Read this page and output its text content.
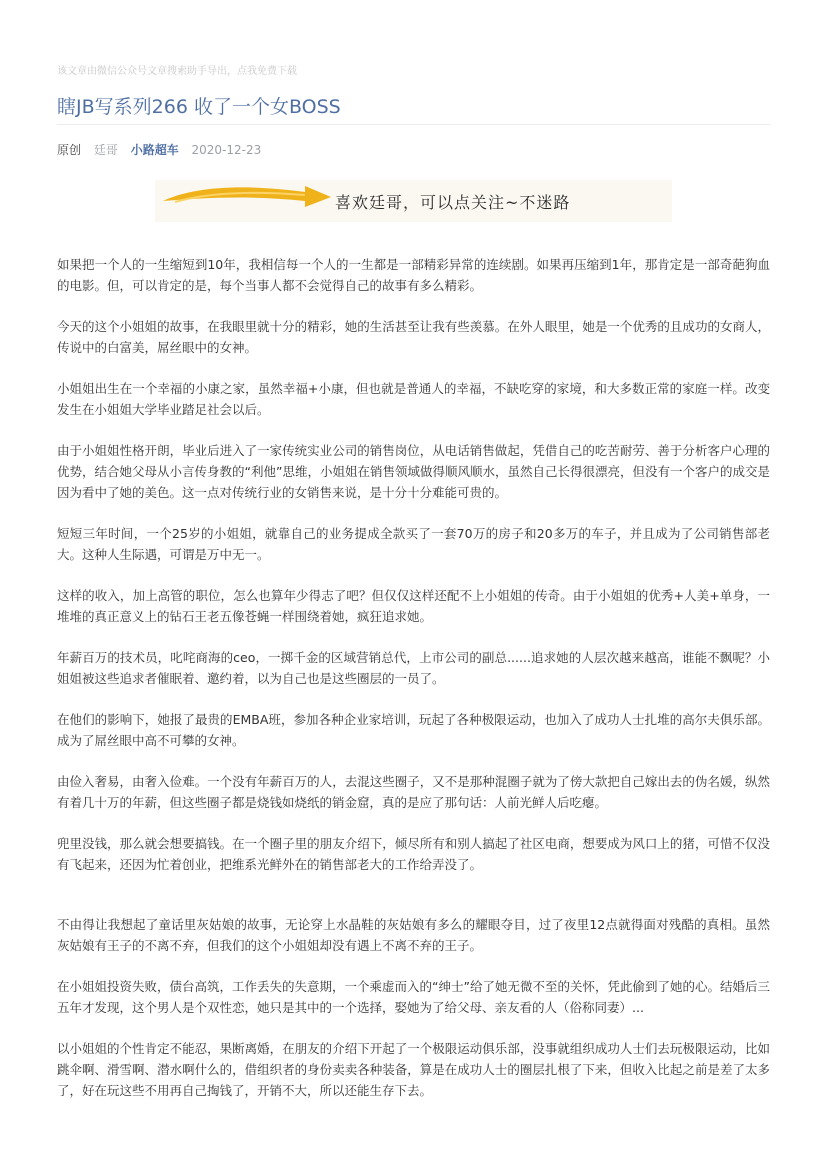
该文章由微信公众号文章搜索助手导出，点我免费下载
瞎JB写系列266 收了一个女BOSS
原创 廷哥 小路超车 2020-12-23
喜欢廷哥，可以点关注~不迷路

如果把一个人的一生缩短到10年，我相信每一个人的一生都是一部精彩异常的连续剧。如果再压缩到1年，那肯定是一部奇葩狗血的电影。但，可以肯定的是，每个当事人都不会觉得自己的故事有多么精彩。

今天的这个小姐姐的故事，在我眼里就十分的精彩，她的生活甚至让我有些羡慕。在外人眼里，她是一个优秀的且成功的女商人，传说中的白富美，屌丝眼中的女神。

小姐姐出生在一个幸福的小康之家，虽然幸福+小康，但也就是普通人的幸福，不缺吃穿的家境，和大多数正常的家庭一样。改变发生在小姐姐大学毕业踏足社会以后。

由于小姐姐性格开朗，毕业后进入了一家传统实业公司的销售岗位，从电话销售做起，凭借自己的吃苦耐劳、善于分析客户心理的优势，结合她父母从小言传身教的“利他”思维，小姐姐在销售领域做得顺风顺水，虽然自己长得很漂亮，但没有一个客户的成交是因为看中了她的美色。这一点对传统行业的女销售来说，是十分十分难能可贵的。

短短三年时间，一个25岁的小姐姐，就靠自己的业务提成全款买了一套70万的房子和20多万的车子，并且成为了公司销售部老大。这种人生际遇，可谓是万中无一。

这样的收入，加上高管的职位，怎么也算年少得志了吧？但仅仅这样还配不上小姐姐的传奇。由于小姐姐的优秀+人美+单身，一堆堆的真正意义上的钻石王老五像苍蝇一样围绕着她，疯狂追求她。

年薪百万的技术员，叱咤商海的ceo，一掷千金的区域营销总代，上市公司的副总......追求她的人层次越来越高，谁能不飘呢？小姐姐被这些追求者催眠着、邀约着，以为自己也是这些圈层的一员了。

在他们的影响下，她报了最贵的EMBA班，参加各种企业家培训，玩起了各种极限运动，也加入了成功人士扎堆的高尔夫俱乐部。成为了屌丝眼中高不可攀的女神。

由俭入奢易，由奢入俭难。一个没有年薪百万的人，去混这些圈子，又不是那种混圈子就为了傍大款把自己嫁出去的伪名媛，纵然有着几十万的年薪，但这些圈子都是烧钱如烧纸的销金窟，真的是应了那句话：人前光鲜人后吃瘪。

兜里没钱，那么就会想要搞钱。在一个圈子里的朋友介绍下，倾尽所有和别人搞起了社区电商，想要成为风口上的猪，可惜不仅没有飞起来，还因为忙着创业，把维系光鲜外在的销售部老大的工作给弄没了。

不由得让我想起了童话里灰姑娘的故事，无论穿上水晶鞋的灰姑娘有多么的耀眼夺目，过了夜里12点就得面对残酷的真相。虽然灰姑娘有王子的不离不弃，但我们的这个小姐姐却没有遇上不离不弃的王子。

在小姐姐投资失败，债台高筑，工作丢失的失意期，一个乘虚而入的“绅士”给了她无微不至的关怀，凭此偷到了她的心。结婚后三五年才发现，这个男人是个双性恋，她只是其中的一个选择，娶她为了给父母、亲友看的人（俗称同妻）...

以小姐姐的个性肯定不能忍，果断离婚，在朋友的介绍下开起了一个极限运动俱乐部，没事就组织成功人士们去玩极限运动，比如跳伞啊、滑雪啊、潜水啊什么的，借组织者的身份卖卖各种装备，算是在成功人士的圈层扎根了下来，但收入比起之前是差了太多了，好在玩这些不用再自己掏钱了，开销不大，所以还能生存下去。
